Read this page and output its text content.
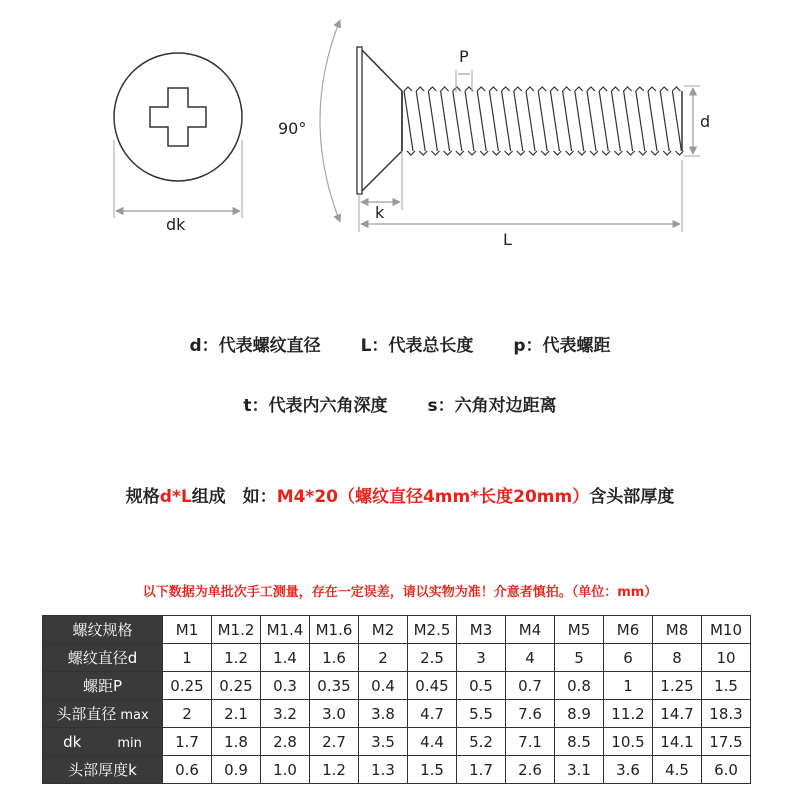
90°
P
d
k
L
dk
d：代表螺纹直径 L：代表总长度 p：代表螺距
t：代表内六角深度 s：六角对边距离
规格d*L组成　如：M4*20（螺纹直径4mm*长度20mm）含头部厚度
以下数据为单批次手工测量，存在一定误差，请以实物为准！介意者慎拍。（单位：mm）
螺纹规格	M1	M1.2	M1.4	M1.6	M2	M2.5	M3	M4	M5	M6	M8	M10
螺纹直径d	1	1.2	1.4	1.6	2	2.5	3	4	5	6	8	10
螺距P	0.25	0.25	0.3	0.35	0.4	0.45	0.5	0.7	0.8	1	1.25	1.5
头部直径 max	2	2.1	3.2	3.0	3.8	4.7	5.5	7.6	8.9	11.2	14.7	18.3
dk min	1.7	1.8	2.8	2.7	3.5	4.4	5.2	7.1	8.5	10.5	14.1	17.5
头部厚度k	0.6	0.9	1.0	1.2	1.3	1.5	1.7	2.6	3.1	3.6	4.5	6.0
